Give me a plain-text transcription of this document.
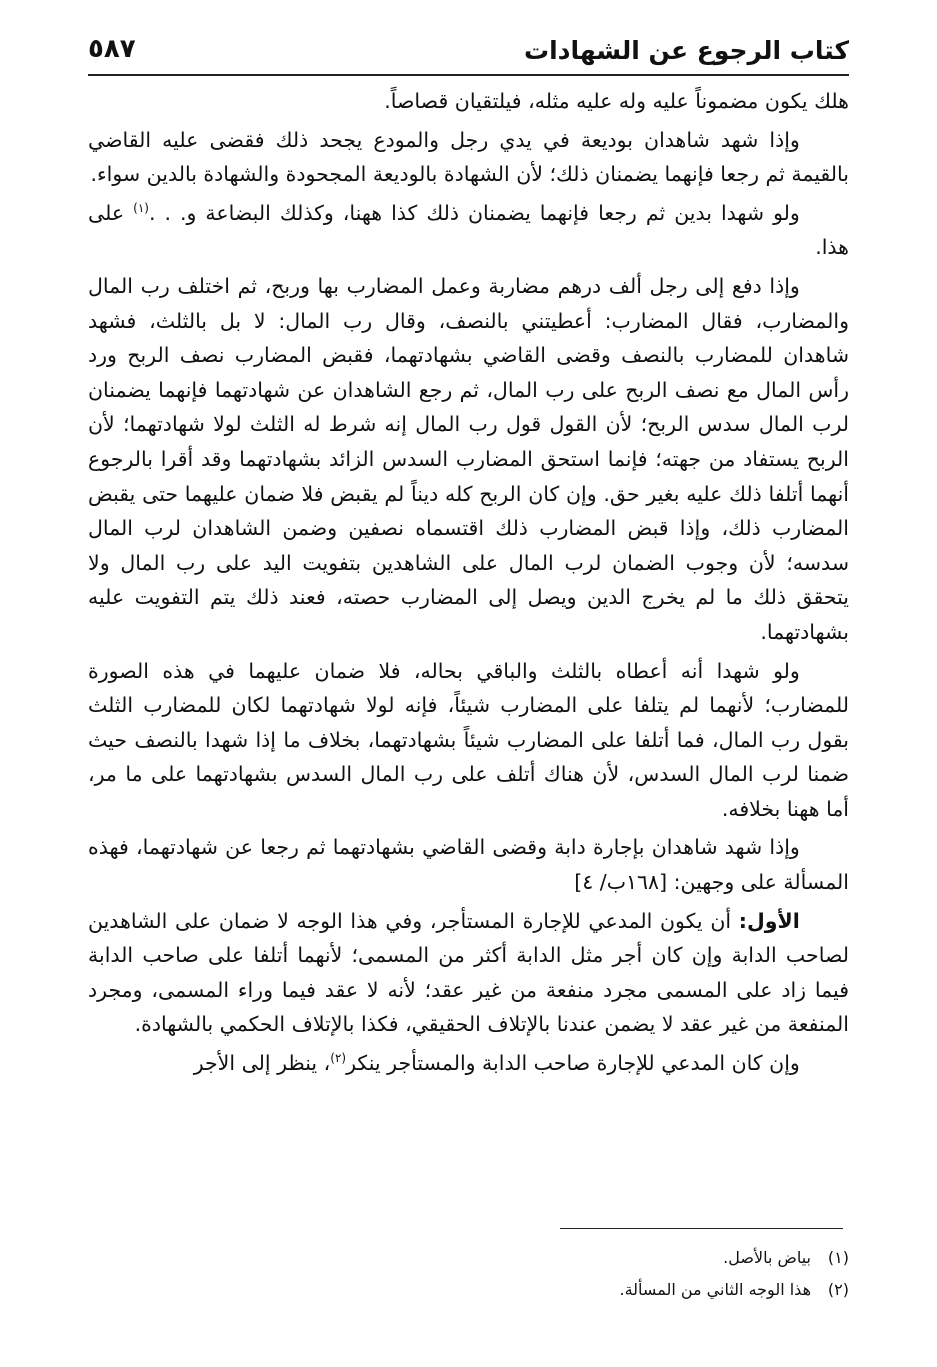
كتاب الرجوع عن الشهادات
٥٨٧

هلك يكون مضموناً عليه وله عليه مثله، فيلتقيان قصاصاً.

وإذا شهد شاهدان بوديعة في يدي رجل والمودع يجحد ذلك فقضى عليه القاضي بالقيمة ثم رجعا فإنهما يضمنان ذلك؛ لأن الشهادة بالوديعة المجحودة والشهادة بالدين سواء.

ولو شهدا بدين ثم رجعا فإنهما يضمنان ذلك كذا ههنا، وكذلك البضاعة و. . .$^{(١)}$ على هذا.

وإذا دفع إلى رجل ألف درهم مضاربة وعمل المضارب بها وربح، ثم اختلف رب المال والمضارب، فقال المضارب: أعطيتني بالنصف، وقال رب المال: لا بل بالثلث، فشهد شاهدان للمضارب بالنصف وقضى القاضي بشهادتهما، فقبض المضارب نصف الربح ورد رأس المال مع نصف الربح على رب المال، ثم رجع الشاهدان عن شهادتهما فإنهما يضمنان لرب المال سدس الربح؛ لأن القول قول رب المال إنه شرط له الثلث لولا شهادتهما؛ لأن الربح يستفاد من جهته؛ فإنما استحق المضارب السدس الزائد بشهادتهما وقد أقرا بالرجوع أنهما أتلفا ذلك عليه بغير حق. وإن كان الربح كله ديناً لم يقبض فلا ضمان عليهما حتى يقبض المضارب ذلك، وإذا قبض المضارب ذلك اقتسماه نصفين وضمن الشاهدان لرب المال سدسه؛ لأن وجوب الضمان لرب المال على الشاهدين بتفويت اليد على رب المال ولا يتحقق ذلك ما لم يخرج الدين ويصل إلى المضارب حصته، فعند ذلك يتم التفويت عليه بشهادتهما.

ولو شهدا أنه أعطاه بالثلث والباقي بحاله، فلا ضمان عليهما في هذه الصورة للمضارب؛ لأنهما لم يتلفا على المضارب شيئاً، فإنه لولا شهادتهما لكان للمضارب الثلث بقول رب المال، فما أتلفا على المضارب شيئاً بشهادتهما، بخلاف ما إذا شهدا بالنصف حيث ضمنا لرب المال السدس، لأن هناك أتلف على رب المال السدس بشهادتهما على ما مر، أما ههنا بخلافه.

وإذا شهد شاهدان بإجارة دابة وقضى القاضي بشهادتهما ثم رجعا عن شهادتهما، فهذه المسألة على وجهين: [١٦٨ب/ ٤]

الأول: أن يكون المدعي للإجارة المستأجر، وفي هذا الوجه لا ضمان على الشاهدين لصاحب الدابة وإن كان أجر مثل الدابة أكثر من المسمى؛ لأنهما أتلفا على صاحب الدابة فيما زاد على المسمى مجرد منفعة من غير عقد؛ لأنه لا عقد فيما وراء المسمى، ومجرد المنفعة من غير عقد لا يضمن عندنا بالإتلاف الحقيقي، فكذا بالإتلاف الحكمي بالشهادة.

وإن كان المدعي للإجارة صاحب الدابة والمستأجر ينكر$^{(٢)}$، ينظر إلى الأجر

(١)بياض بالأصل.
(٢)هذا الوجه الثاني من المسألة.
